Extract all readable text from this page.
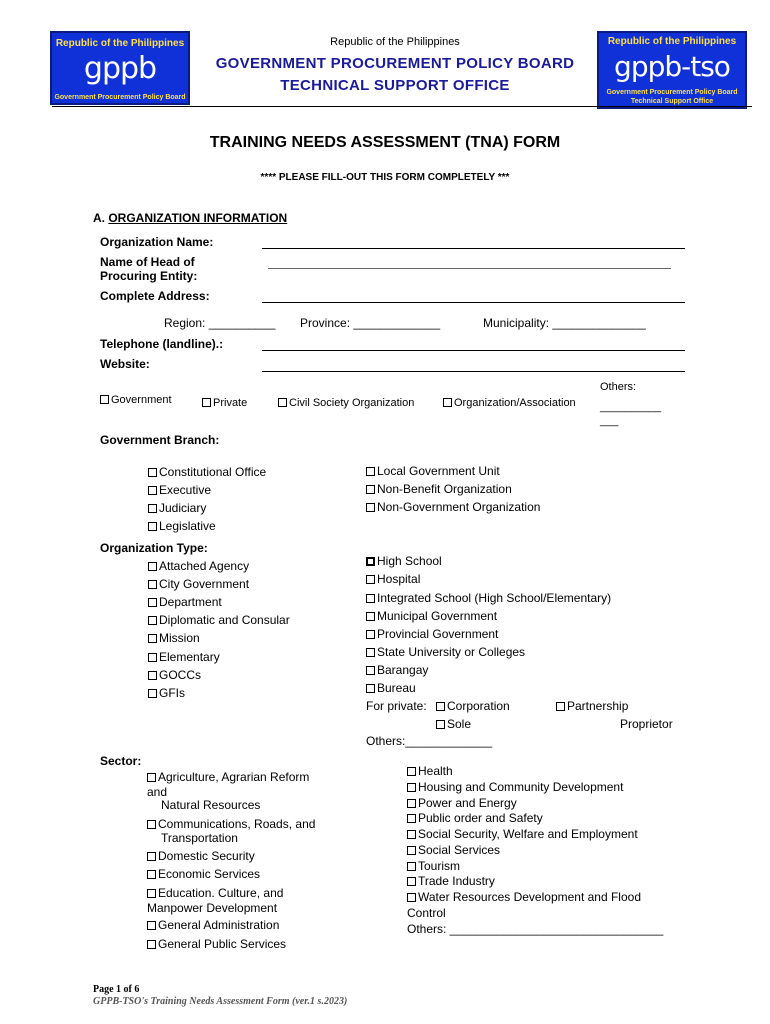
Republic of the Philippines
gppb
Government Procurement Policy Board
Republic of the Philippines
gppb-tso
Government Procurement Policy Board
Technical Support Office
Republic of the Philippines
GOVERNMENT PROCUREMENT POLICY BOARD
TECHNICAL SUPPORT OFFICE
TRAINING NEEDS ASSESSMENT (TNA) FORM
**** PLEASE FILL-OUT THIS FORM COMPLETELY ***
A. ORGANIZATION INFORMATION
Organization Name:
Name of Head of
Procuring Entity:
Complete Address:
Region: __________ Province: _____________	Municipality: ______________
Telephone (landline).:
Website:
Government	Private	Civil Society Organization	Organization/Association
Others:
__________
___
Government Branch:
Constitutional Office
Executive
Judiciary
Legislative
Local Government Unit
Non-Benefit Organization
Non-Government Organization
Organization Type:
Attached Agency
City Government
Department
Diplomatic and Consular
Mission
Elementary
GOCCs
GFIs
High School
Hospital
Integrated School (High School/Elementary)
Municipal Government
Provincial Government
State University or Colleges
Barangay
Bureau
For private:	Corporation	Partnership
Sole	Proprietor
Others:_____________
Sector:
Agriculture, Agrarian Reform
and
Natural Resources
Communications, Roads, and
Transportation
Domestic Security
Economic Services
Education. Culture, and
Manpower Development
General Administration
General Public Services
Health
Housing and Community Development
Power and Energy
Public order and Safety
Social Security, Welfare and Employment
Social Services
Tourism
Trade Industry
Water Resources Development and Flood
Control
Others: ________________________________
Page 1 of 6
GPPB-TSO's Training Needs Assessment Form (ver.1 s.2023)
